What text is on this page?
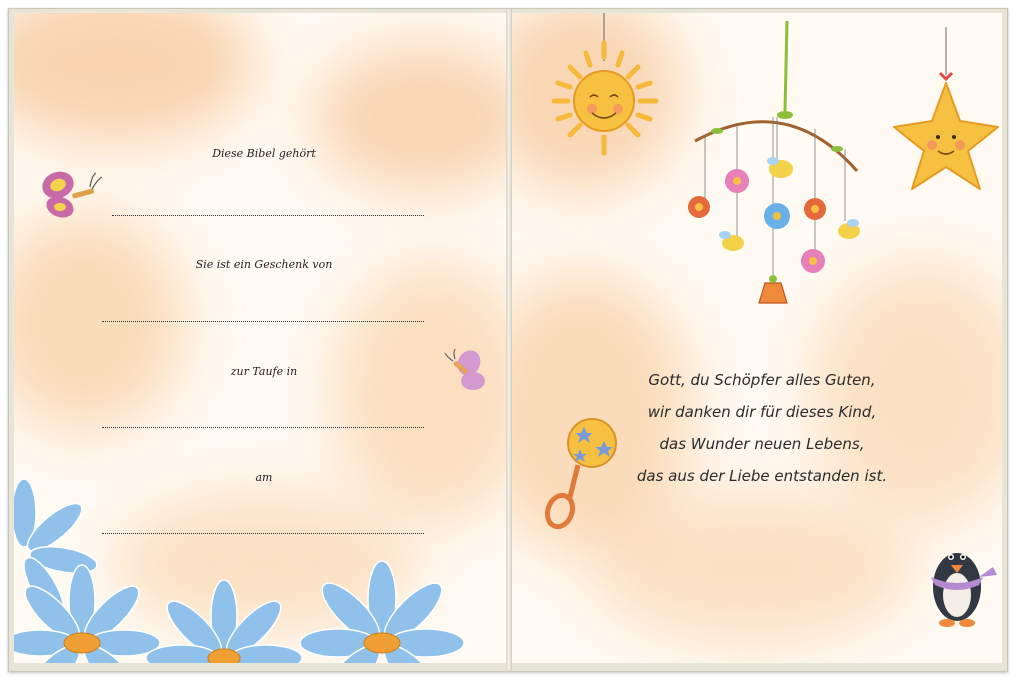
Diese Bibel gehört
Sie ist ein Geschenk von
zur Taufe in
am
Gott, du Schöpfer alles Guten,
wir danken dir für dieses Kind,
das Wunder neuen Lebens,
das aus der Liebe entstanden ist.
